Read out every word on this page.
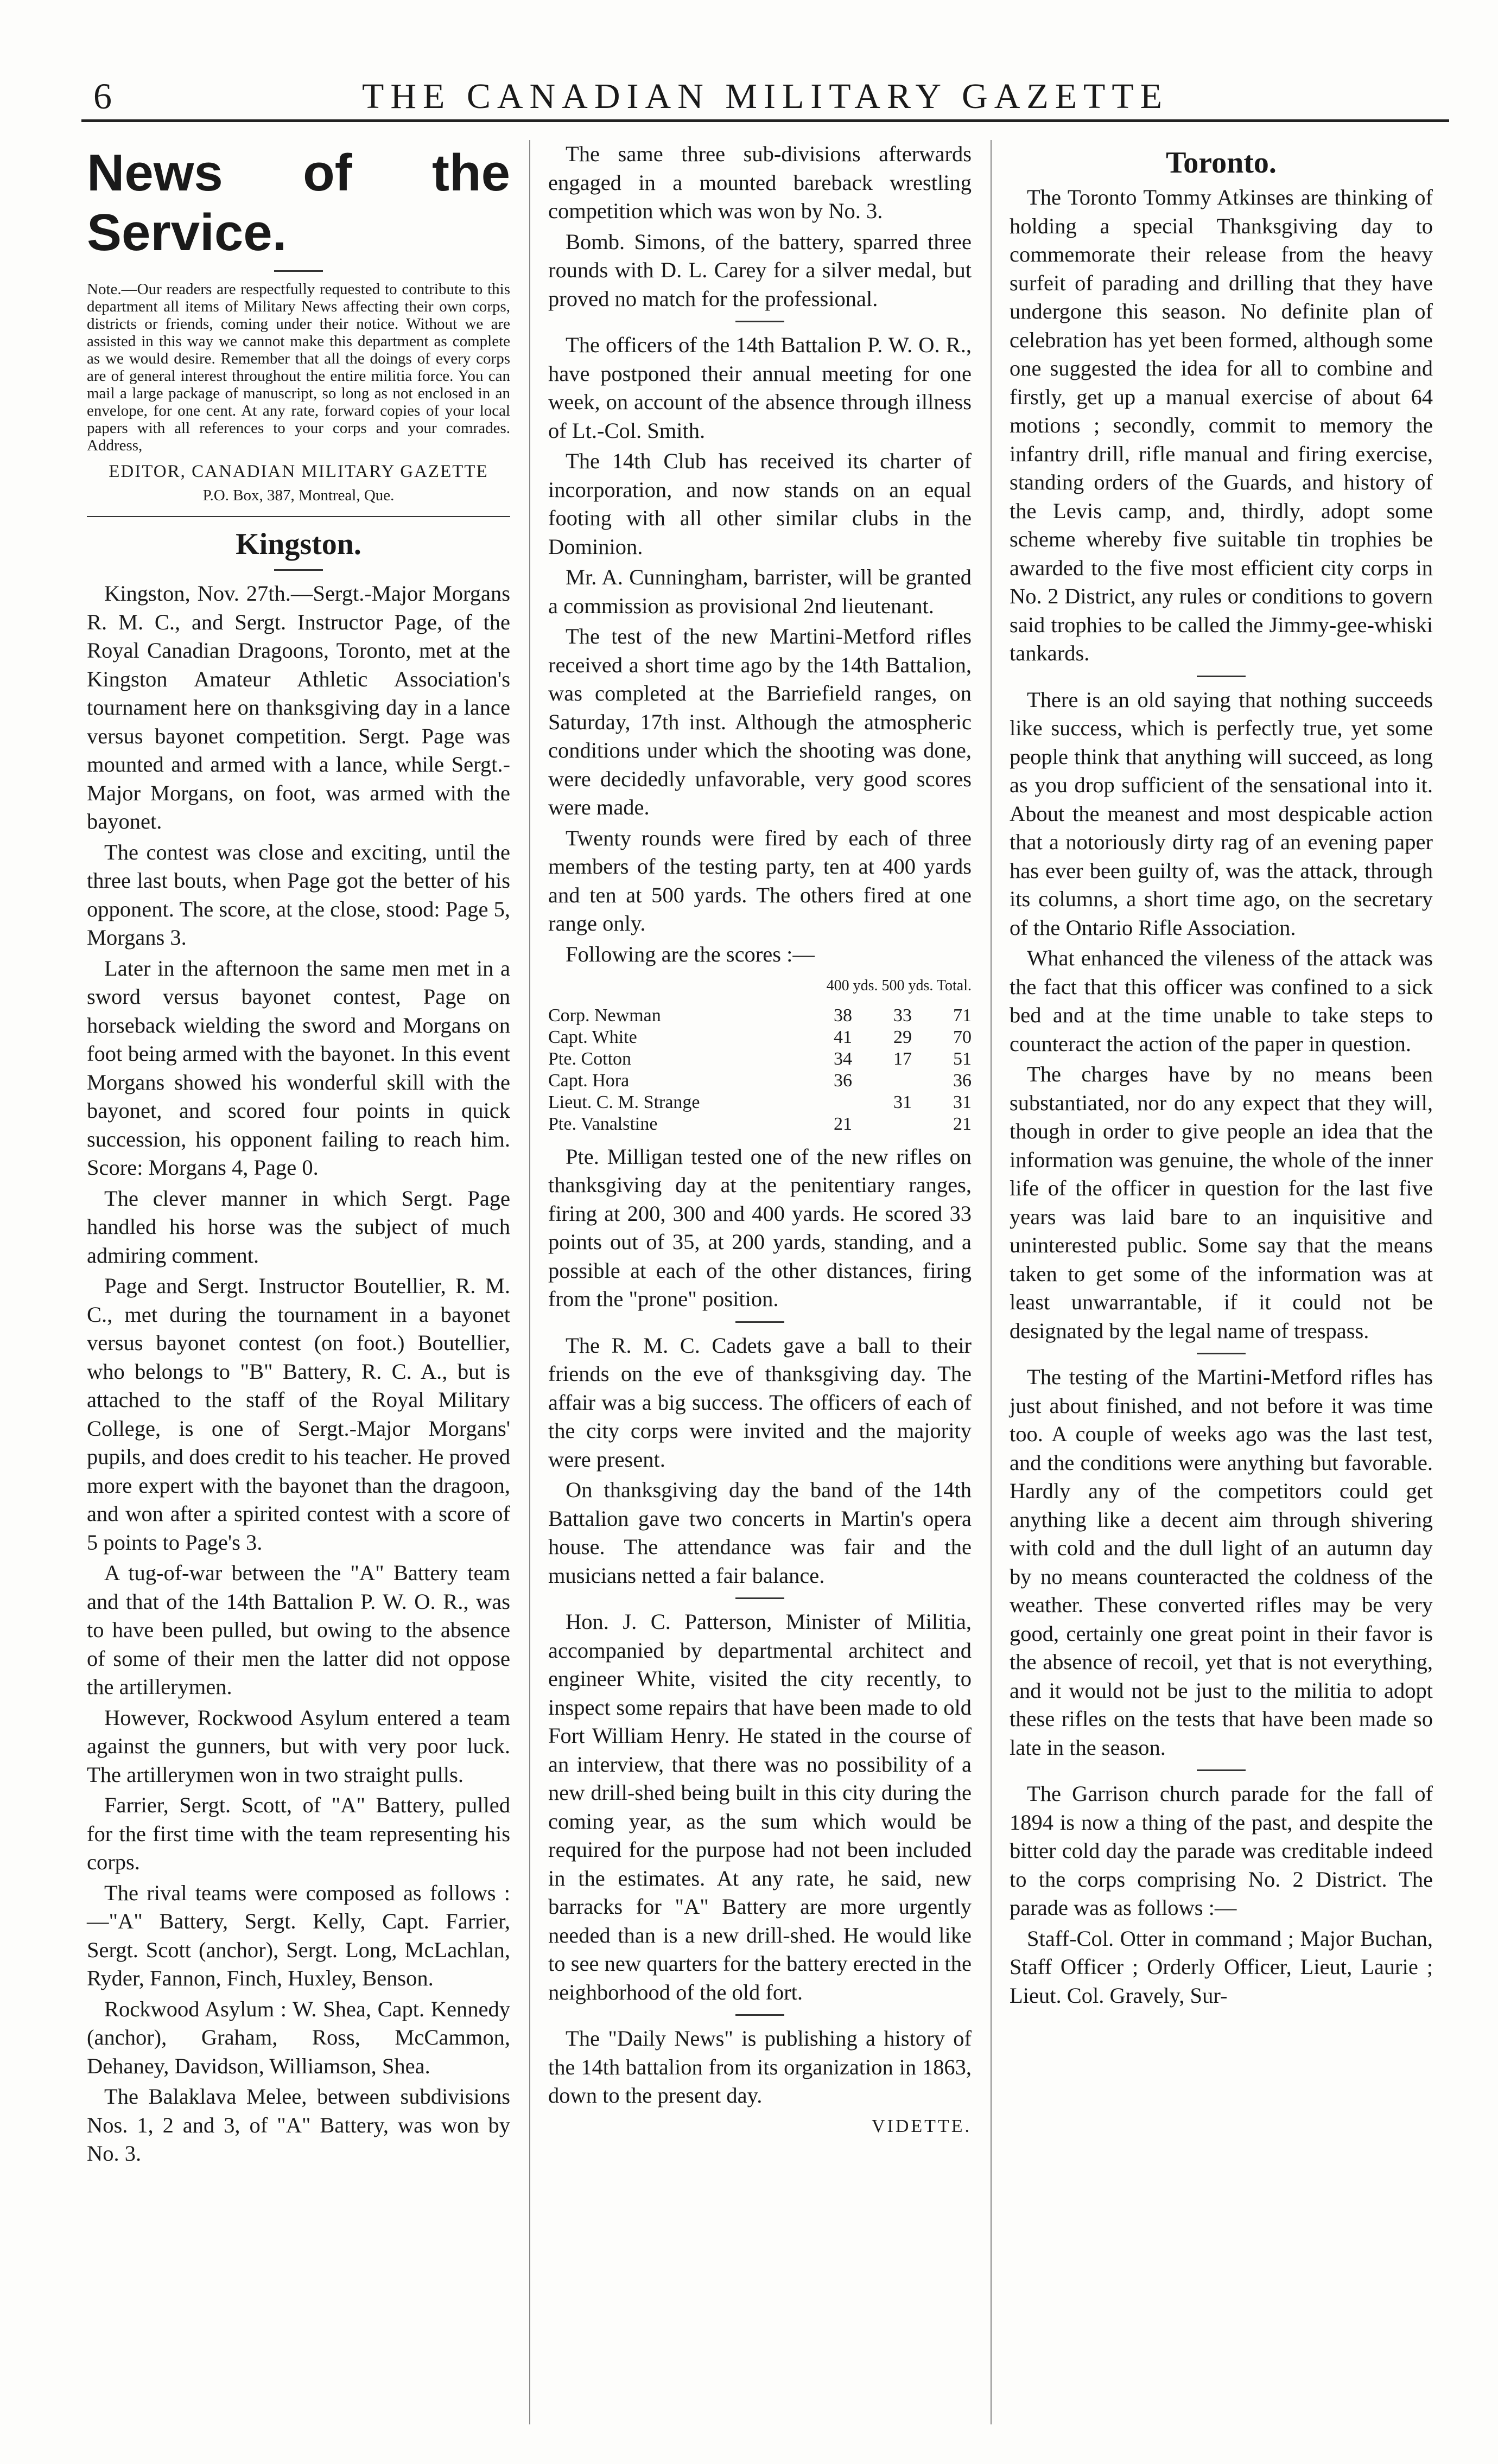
6	THE CANADIAN MILITARY GAZETTE
News of the Service.
Note.—Our readers are respectfully requested to contribute to this department all items of Military News affecting their own corps, districts or friends, coming under their notice. Without we are assisted in this way we cannot make this department as complete as we would desire. Remember that all the doings of every corps are of general interest throughout the entire militia force. You can mail a large package of manuscript, so long as not enclosed in an envelope, for one cent. At any rate, forward copies of your local papers with all references to your corps and your comrades. Address,
EDITOR, CANADIAN MILITARY GAZETTE
P.O. Box, 387, Montreal, Que.
Kingston.

Kingston, Nov. 27th.—Sergt.-Major Morgans R. M. C., and Sergt. Instructor Page, of the Royal Canadian Dragoons, Toronto, met at the Kingston Amateur Athletic Association's tournament here on thanksgiving day in a lance versus bayonet competition. Sergt. Page was mounted and armed with a lance, while Sergt.-Major Morgans, on foot, was armed with the bayonet.

The contest was close and exciting, until the three last bouts, when Page got the better of his opponent. The score, at the close, stood: Page 5, Morgans 3.

Later in the afternoon the same men met in a sword versus bayonet contest, Page on horseback wielding the sword and Morgans on foot being armed with the bayonet. In this event Morgans showed his wonderful skill with the bayonet, and scored four points in quick succession, his opponent failing to reach him. Score: Morgans 4, Page 0.

The clever manner in which Sergt. Page handled his horse was the subject of much admiring comment.

Page and Sergt. Instructor Boutellier, R. M. C., met during the tournament in a bayonet versus bayonet contest (on foot.) Boutellier, who belongs to "B" Battery, R. C. A., but is attached to the staff of the Royal Military College, is one of Sergt.-Major Morgans' pupils, and does credit to his teacher. He proved more expert with the bayonet than the dragoon, and won after a spirited contest with a score of 5 points to Page's 3.

A tug-of-war between the "A" Battery team and that of the 14th Battalion P. W. O. R., was to have been pulled, but owing to the absence of some of their men the latter did not oppose the artillerymen.

However, Rockwood Asylum entered a team against the gunners, but with very poor luck. The artillerymen won in two straight pulls.

Farrier, Sergt. Scott, of "A" Battery, pulled for the first time with the team representing his corps.

The rival teams were composed as follows :—"A" Battery, Sergt. Kelly, Capt. Farrier, Sergt. Scott (anchor), Sergt. Long, McLachlan, Ryder, Fannon, Finch, Huxley, Benson.

Rockwood Asylum : W. Shea, Capt. Kennedy (anchor), Graham, Ross, McCammon, Dehaney, Davidson, Williamson, Shea.

The Balaklava Melee, between subdivisions Nos. 1, 2 and 3, of "A" Battery, was won by No. 3.

The same three sub-divisions afterwards engaged in a mounted bareback wrestling competition which was won by No. 3.

Bomb. Simons, of the battery, sparred three rounds with D. L. Carey for a silver medal, but proved no match for the professional.

The officers of the 14th Battalion P. W. O. R., have postponed their annual meeting for one week, on account of the absence through illness of Lt.-Col. Smith.

The 14th Club has received its charter of incorporation, and now stands on an equal footing with all other similar clubs in the Dominion.

Mr. A. Cunningham, barrister, will be granted a commission as provisional 2nd lieutenant.

The test of the new Martini-Metford rifles received a short time ago by the 14th Battalion, was completed at the Barriefield ranges, on Saturday, 17th inst. Although the atmospheric conditions under which the shooting was done, were decidedly unfavorable, very good scores were made.

Twenty rounds were fired by each of three members of the testing party, ten at 400 yards and ten at 500 yards. The others fired at one range only.

Following are the scores :—

400 yds. 500 yds. Total.
Corp. Newman	38	33	71
Capt. White	41	29	70
Pte. Cotton	34	17	51
Capt. Hora	36		36
Lieut. C. M. Strange		31	31
Pte. Vanalstine	21		21

Pte. Milligan tested one of the new rifles on thanksgiving day at the penitentiary ranges, firing at 200, 300 and 400 yards. He scored 33 points out of 35, at 200 yards, standing, and a possible at each of the other distances, firing from the "prone" position.

The R. M. C. Cadets gave a ball to their friends on the eve of thanksgiving day. The affair was a big success. The officers of each of the city corps were invited and the majority were present.

On thanksgiving day the band of the 14th Battalion gave two concerts in Martin's opera house. The attendance was fair and the musicians netted a fair balance.

Hon. J. C. Patterson, Minister of Militia, accompanied by departmental architect and engineer White, visited the city recently, to inspect some repairs that have been made to old Fort William Henry. He stated in the course of an interview, that there was no possibility of a new drill-shed being built in this city during the coming year, as the sum which would be required for the purpose had not been included in the estimates. At any rate, he said, new barracks for "A" Battery are more urgently needed than is a new drill-shed. He would like to see new quarters for the battery erected in the neighborhood of the old fort.

The "Daily News" is publishing a history of the 14th battalion from its organization in 1863, down to the present day.

VIDETTE.
Toronto.

The Toronto Tommy Atkinses are thinking of holding a special Thanksgiving day to commemorate their release from the heavy surfeit of parading and drilling that they have undergone this season. No definite plan of celebration has yet been formed, although some one suggested the idea for all to combine and firstly, get up a manual exercise of about 64 motions ; secondly, commit to memory the infantry drill, rifle manual and firing exercise, standing orders of the Guards, and history of the Levis camp, and, thirdly, adopt some scheme whereby five suitable tin trophies be awarded to the five most efficient city corps in No. 2 District, any rules or conditions to govern said trophies to be called the Jimmy-gee-whiski tankards.

There is an old saying that nothing succeeds like success, which is perfectly true, yet some people think that anything will succeed, as long as you drop sufficient of the sensational into it. About the meanest and most despicable action that a notoriously dirty rag of an evening paper has ever been guilty of, was the attack, through its columns, a short time ago, on the secretary of the Ontario Rifle Association.

What enhanced the vileness of the attack was the fact that this officer was confined to a sick bed and at the time unable to take steps to counteract the action of the paper in question.

The charges have by no means been substantiated, nor do any expect that they will, though in order to give people an idea that the information was genuine, the whole of the inner life of the officer in question for the last five years was laid bare to an inquisitive and uninterested public. Some say that the means taken to get some of the information was at least unwarrantable, if it could not be designated by the legal name of trespass.

The testing of the Martini-Metford rifles has just about finished, and not before it was time too. A couple of weeks ago was the last test, and the conditions were anything but favorable. Hardly any of the competitors could get anything like a decent aim through shivering with cold and the dull light of an autumn day by no means counteracted the coldness of the weather. These converted rifles may be very good, certainly one great point in their favor is the absence of recoil, yet that is not everything, and it would not be just to the militia to adopt these rifles on the tests that have been made so late in the season.

The Garrison church parade for the fall of 1894 is now a thing of the past, and despite the bitter cold day the parade was creditable indeed to the corps comprising No. 2 District. The parade was as follows :—

Staff-Col. Otter in command ; Major Buchan, Staff Officer ; Orderly Officer, Lieut, Laurie ; Lieut. Col. Gravely, Sur-
